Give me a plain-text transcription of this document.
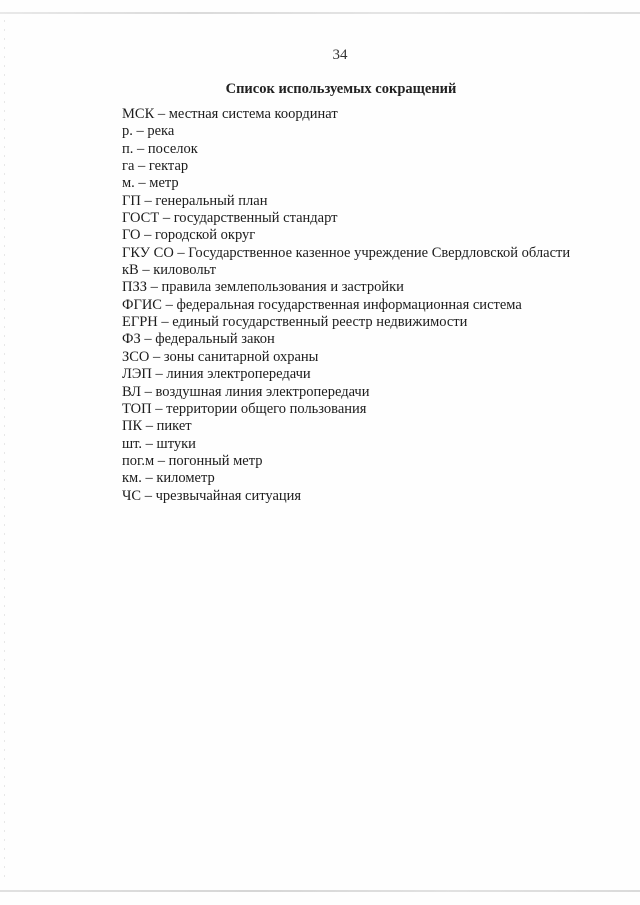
34
Список используемых сокращений
МСК – местная система координат
р. – река
п. – поселок
га – гектар
м. – метр
ГП – генеральный план
ГОСТ – государственный стандарт
ГО – городской округ
ГКУ СО – Государственное казенное учреждение Свердловской области
кВ – киловольт
ПЗЗ – правила землепользования и застройки
ФГИС – федеральная государственная информационная система
ЕГРН – единый государственный реестр недвижимости
ФЗ – федеральный закон
ЗСО – зоны санитарной охраны
ЛЭП – линия электропередачи
ВЛ – воздушная линия электропередачи
ТОП – территории общего пользования
ПК – пикет
шт. – штуки
пог.м – погонный метр
км. – километр
ЧС – чрезвычайная ситуация
